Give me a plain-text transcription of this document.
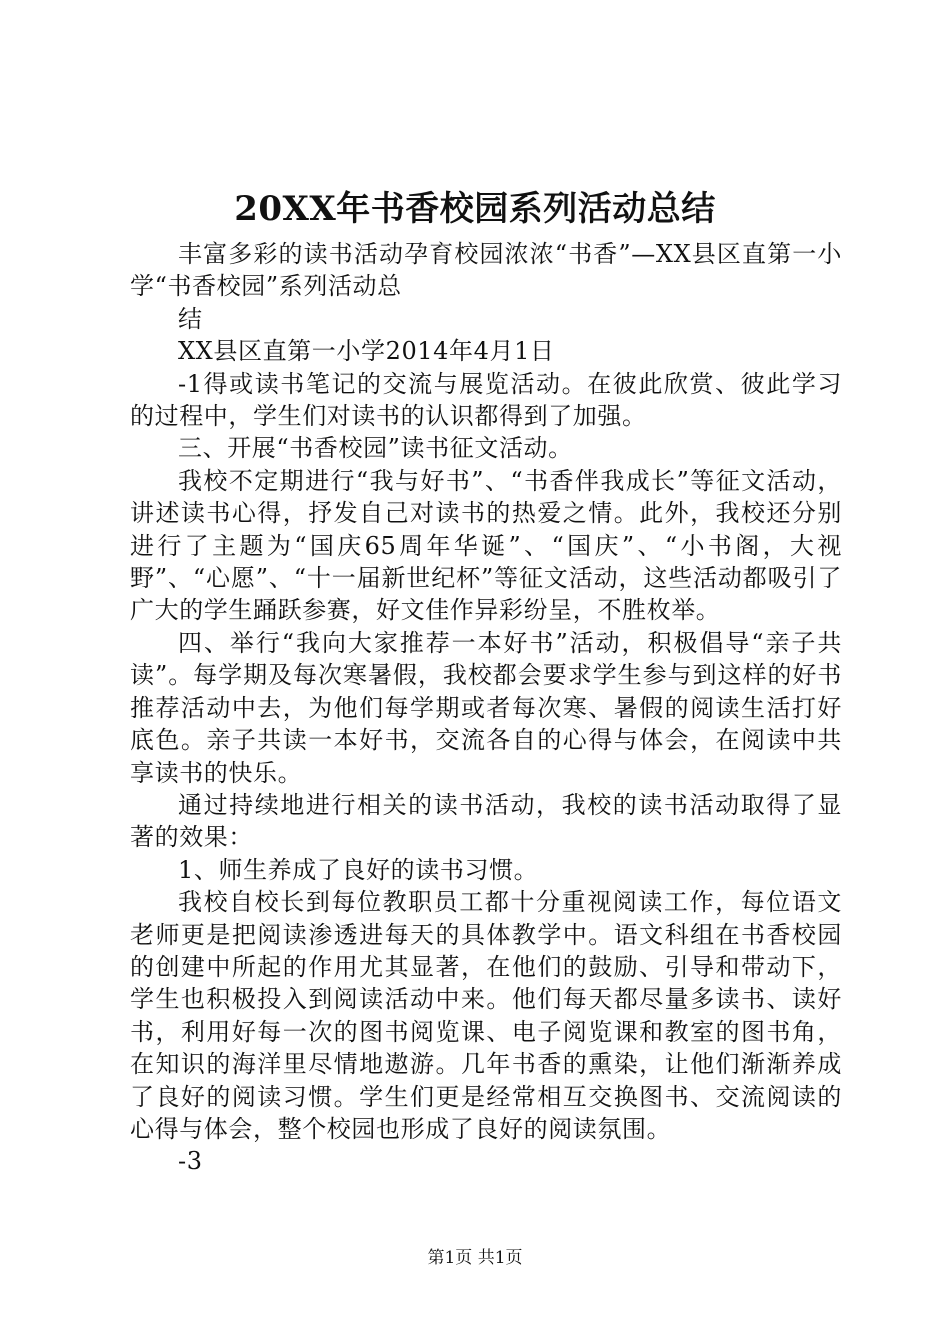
20XX年书香校园系列活动总结

丰富多彩的读书活动孕育校园浓浓“书香”—XX县区直第一小学“书香校园”系列活动总

结

XX县区直第一小学2014年4月1日

-1得或读书笔记的交流与展览活动。在彼此欣赏、彼此学习的过程中，学生们对读书的认识都得到了加强。

三、开展“书香校园”读书征文活动。

我校不定期进行“我与好书”、“书香伴我成长”等征文活动，讲述读书心得，抒发自己对读书的热爱之情。此外，我校还分别进行了主题为“国庆65周年华诞”、“国庆”、“小书阁，大视野”、“心愿”、“十一届新世纪杯”等征文活动，这些活动都吸引了广大的学生踊跃参赛，好文佳作异彩纷呈，不胜枚举。

四、举行“我向大家推荐一本好书”活动，积极倡导“亲子共读”。每学期及每次寒暑假，我校都会要求学生参与到这样的好书推荐活动中去，为他们每学期或者每次寒、暑假的阅读生活打好底色。亲子共读一本好书，交流各自的心得与体会，在阅读中共享读书的快乐。

通过持续地进行相关的读书活动，我校的读书活动取得了显著的效果：

1、师生养成了良好的读书习惯。

我校自校长到每位教职员工都十分重视阅读工作，每位语文老师更是把阅读渗透进每天的具体教学中。语文科组在书香校园的创建中所起的作用尤其显著，在他们的鼓励、引导和带动下，学生也积极投入到阅读活动中来。他们每天都尽量多读书、读好书，利用好每一次的图书阅览课、电子阅览课和教室的图书角，在知识的海洋里尽情地遨游。几年书香的熏染，让他们渐渐养成了良好的阅读习惯。学生们更是经常相互交换图书、交流阅读的心得与体会，整个校园也形成了良好的阅读氛围。

-3

第1页 共1页
